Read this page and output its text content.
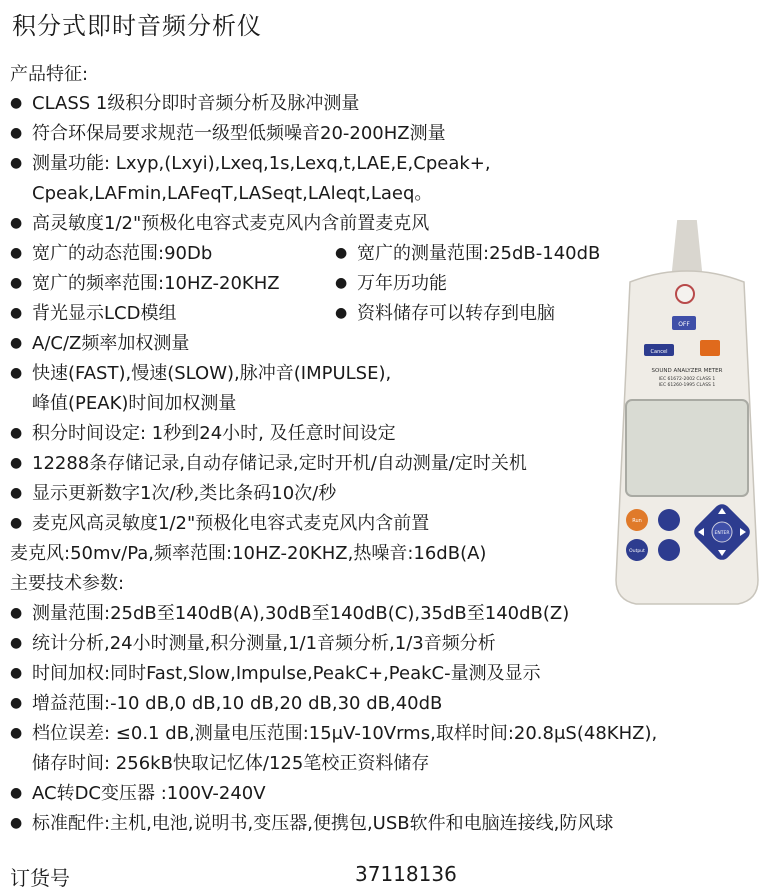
积分式即时音频分析仪
产品特征:
●CLASS 1级积分即时音频分析及脉冲测量
●符合环保局要求规范一级型低频噪音20-200HZ测量
●测量功能: Lxyp,(Lxyi),Lxeq,1s,Lexq,t,LAE,E,Cpeak+,
Cpeak,LAFmin,LAFeqT,LASeqt,LAleqt,Laeq。
●高灵敏度1/2"预极化电容式麦克风内含前置麦克风
●宽广的动态范围:90Db ●	宽广的测量范围:25dB-140dB
●宽广的频率范围:10HZ-20KHZ ●	万年历功能
●背光显示LCD模组 ●	资料储存可以转存到电脑
●A/C/Z频率加权测量
●快速(FAST),慢速(SLOW),脉冲音(IMPULSE),
峰值(PEAK)时间加权测量
●积分时间设定: 1秒到24小时, 及任意时间设定
●12288条存储记录,自动存储记录,定时开机/自动测量/定时关机
●显示更新数字1次/秒,类比条码10次/秒
●麦克风高灵敏度1/2"预极化电容式麦克风内含前置
麦克风:50mv/Pa,频率范围:10HZ-20KHZ,热噪音:16dB(A)
主要技术参数:
●测量范围:25dB至140dB(A),30dB至140dB(C),35dB至140dB(Z)
●统计分析,24小时测量,积分测量,1/1音频分析,1/3音频分析
●时间加权:同时Fast,Slow,Impulse,PeakC+,PeakC-量测及显示
●增益范围:-10 dB,0 dB,10 dB,20 dB,30 dB,40dB
●档位误差: ≤0.1 dB,测量电压范围:15μV-10Vrms,取样时间:20.8μS(48KHZ),
储存时间: 256kB快取记忆体/125笔校正资料储存
●AC转DC变压器 :100V-240V
●标准配件:主机,电池,说明书,变压器,便携包,USB软件和电脑连接线,防风球
订货号	37118136
OFF
Cancel
SOUND ANALYZER METER
IEC 61672-2002 CLASS 1
IEC 61260-1995 CLASS 1
Run
Output
ENTER
